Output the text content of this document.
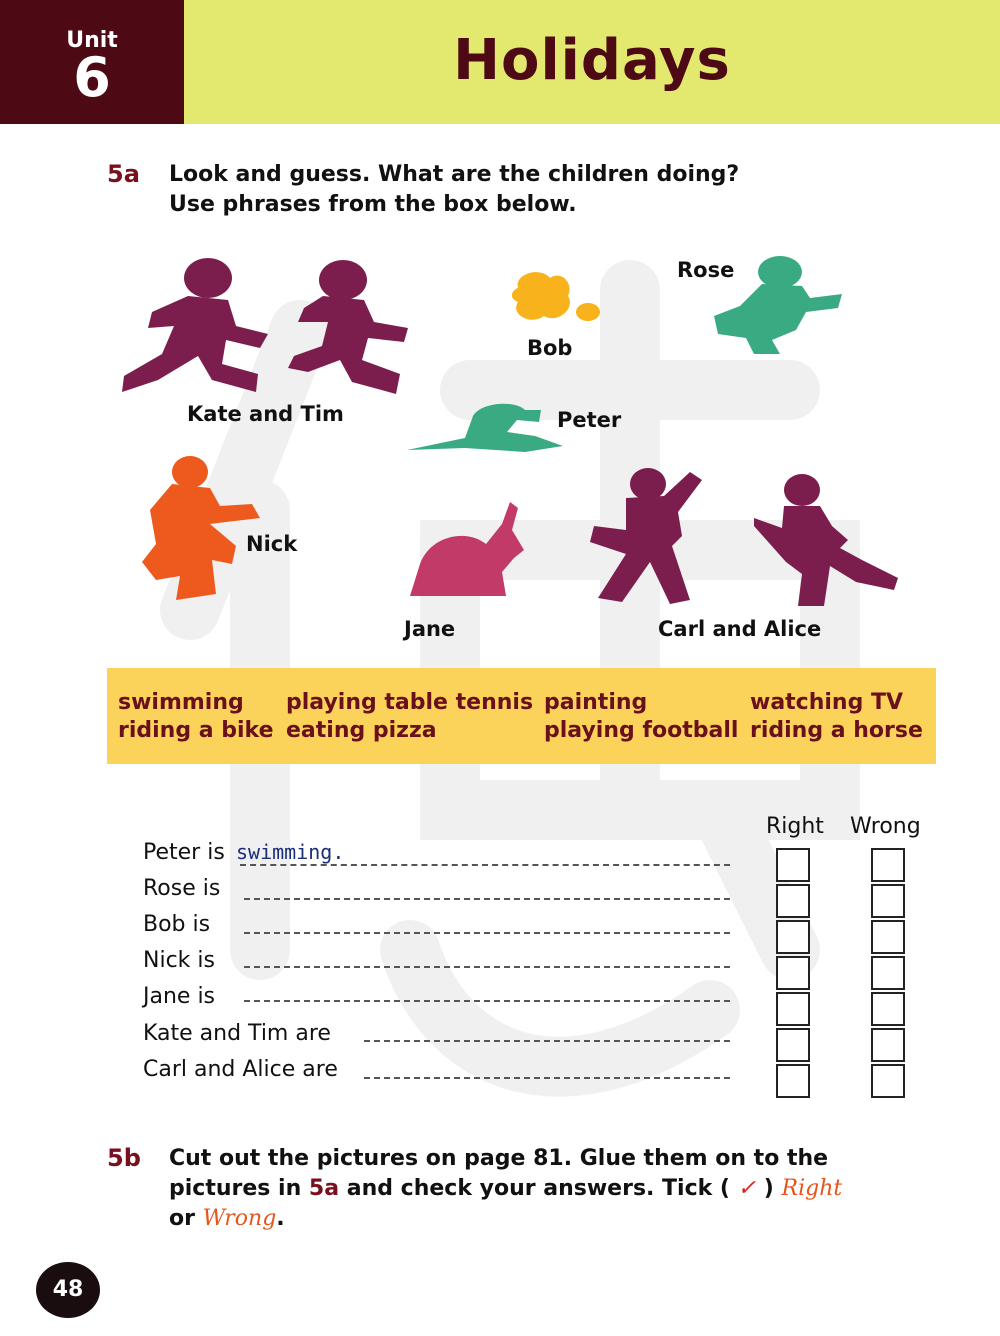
Unit
6	Holidays
5a Look and guess. What are the children doing?
Use phrases from the box below.
Kate and Tim
Bob
Rose
Peter
Nick
Jane	Carl and Alice
swimming
riding a bike
playing table tennis
eating pizza
painting
playing football
watching TV
riding a horse
Right Wrong
Peter is swimming.
Rose is
Bob is
Nick is
Jane is
Kate and Tim are
Carl and Alice are
5b Cut out the pictures on page 81. Glue them on to the
pictures in 5a and check your answers. Tick ( ✓ ) Right
or Wrong.
48
